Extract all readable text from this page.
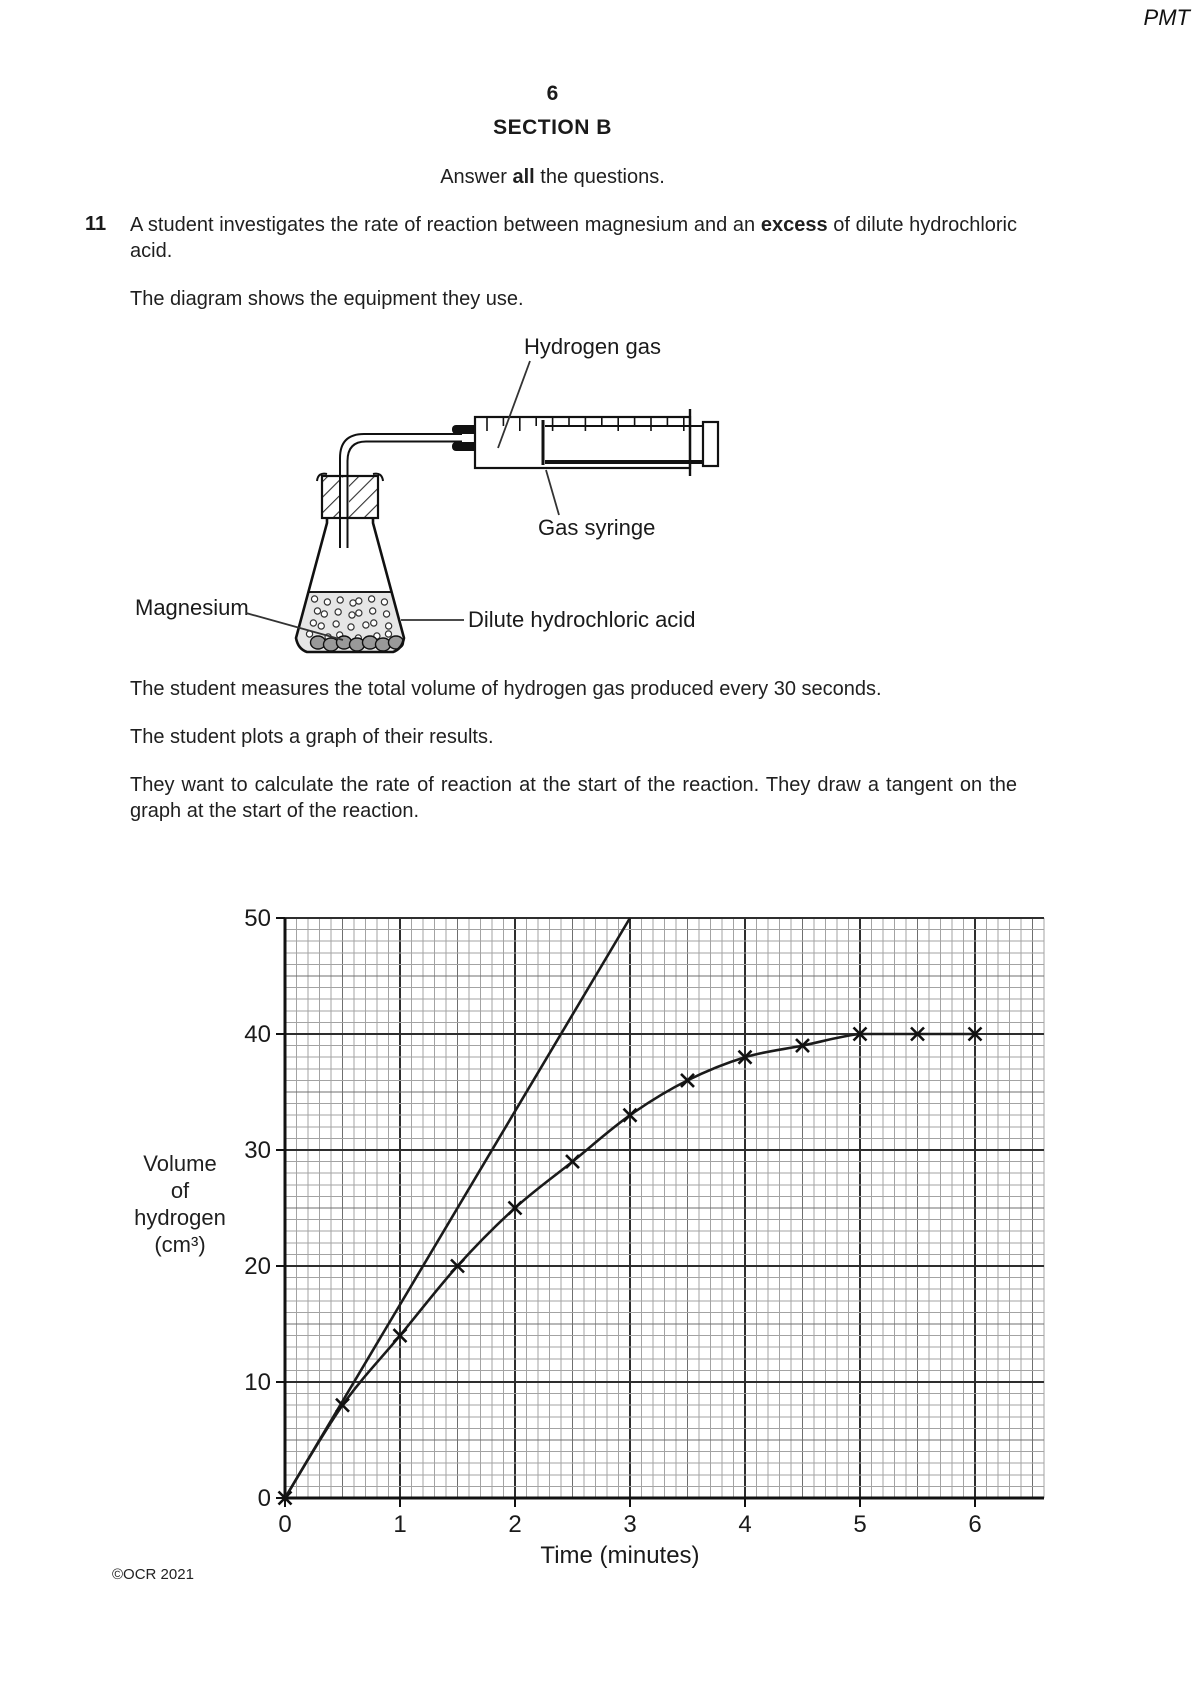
PMT
6
SECTION B
Answer all the questions.
11 A student investigates the rate of reaction between magnesium and an excess of dilute hydrochloric acid.
The diagram shows the equipment they use.
Hydrogen gas
Gas syringe
Magnesium	Dilute hydrochloric acid
The student measures the total volume of hydrogen gas produced every 30 seconds.
The student plots a graph of their results.
They want to calculate the rate of reaction at the start of the reaction. They draw a tangent on the graph at the start of the reaction.
Volume
of
hydrogen
(cm³)
0
10
20
30
40
50
0	1	2	3	4	5	6
Time (minutes)
©OCR 2021
